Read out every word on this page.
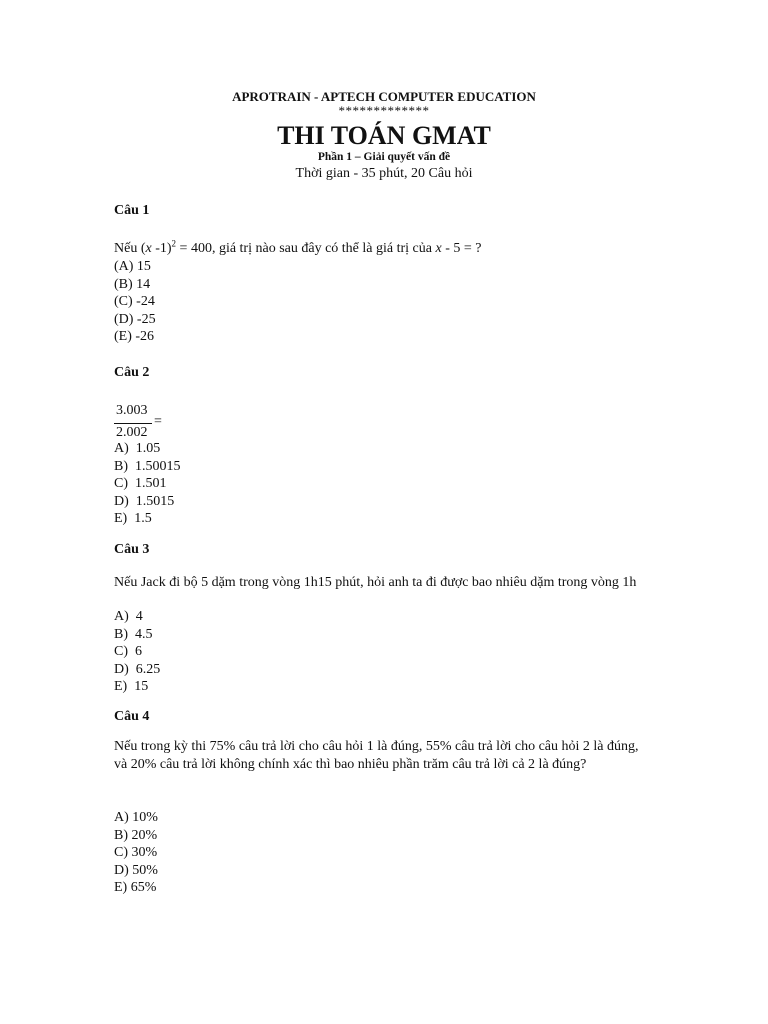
APROTRAIN - APTECH COMPUTER EDUCATION
*************
THI TOÁN GMAT
Phần 1 – Giải quyết vấn đề
Thời gian - 35 phút, 20 Câu hỏi
Câu 1
Nếu (x -1)$^2$ = 400, giá trị nào sau đây có thể là giá trị của x - 5 = ?
(A) 15
(B) 14
(C) -24
(D) -25
(E) -26
Câu 2
3.003
2.002
=
A)  1.05
B)  1.50015
C)  1.501
D)  1.5015
E)  1.5
Câu 3
Nếu Jack đi bộ 5 dặm trong vòng 1h15 phút, hỏi anh ta đi được bao nhiêu dặm trong vòng 1h
A)  4
B)  4.5
C)  6
D)  6.25
E)  15
Câu 4
Nếu trong kỳ thi 75% câu trả lời cho câu hỏi 1 là đúng, 55% câu trả lời cho câu hỏi 2 là đúng, và 20% câu trả lời không chính xác thì bao nhiêu phần trăm câu trả lời cả 2 là đúng?
A) 10%
B) 20%
C) 30%
D) 50%
E) 65%
